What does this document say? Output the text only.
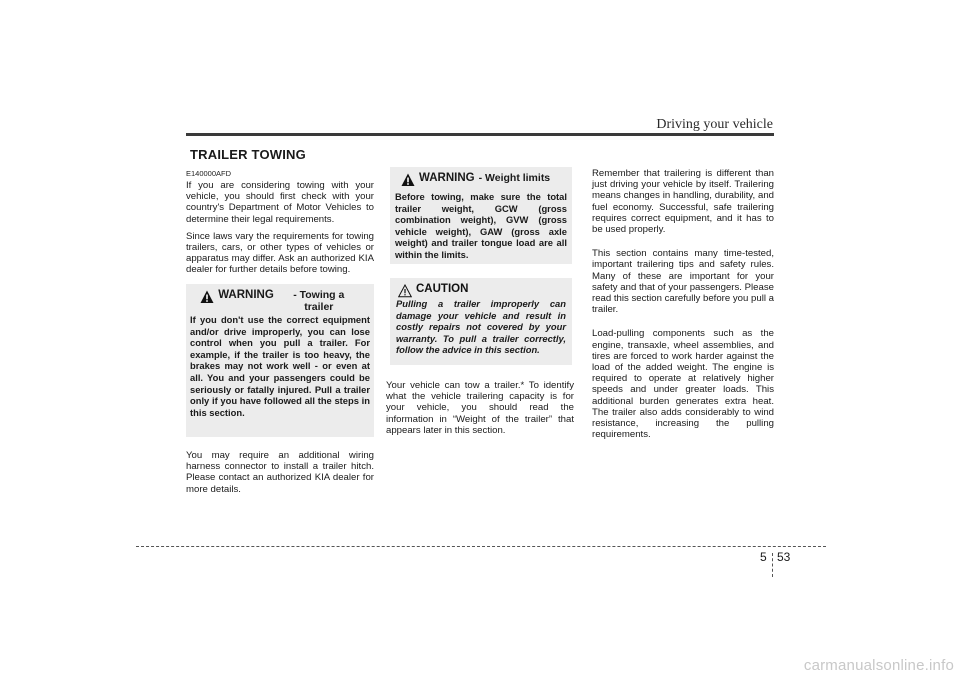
Driving your vehicle
TRAILER TOWING
E140000AFD

If you are considering towing with your vehicle, you should first check with your country's Department of Motor Vehicles to determine their legal requirements.

Since laws vary the requirements for towing trailers, cars, or other types of vehicles or apparatus may differ. Ask an authorized KIA dealer for further details before towing.

WARNING	- Towing a trailer
If you don't use the correct equipment and/or drive improperly, you can lose control when you pull a trailer. For example, if the trailer is too heavy, the brakes may not work well - or even at all. You and your passengers could be seriously or fatally injured. Pull a trailer only if you have followed all the steps in this section.

You may require an additional wiring harness connector to install a trailer hitch. Please contact an authorized KIA dealer for more details.

WARNING - Weight limits
Before towing, make sure the total trailer weight, GCW (gross combination weight), GVW (gross vehicle weight), GAW (gross axle weight) and trailer tongue load are all within the limits.
CAUTION
Pulling a trailer improperly can damage your vehicle and result in costly repairs not covered by your warranty. To pull a trailer correctly, follow the advice in this section.

Your vehicle can tow a trailer.* To identify what the vehicle trailering capacity is for your vehicle, you should read the information in “Weight of the trailer” that appears later in this section.

Remember that trailering is different than just driving your vehicle by itself. Trailering means changes in handling, durability, and fuel economy. Successful, safe trailering requires correct equipment, and it has to be used properly.

This section contains many time-tested, important trailering tips and safety rules. Many of these are important for your safety and that of your passengers. Please read this section carefully before you pull a trailer.

Load-pulling components such as the engine, transaxle, wheel assemblies, and tires are forced to work harder against the load of the added weight. The engine is required to operate at relatively higher speeds and under greater loads. This additional burden generates extra heat. The trailer also adds considerably to wind resistance, increasing the pulling requirements.

5 53
carmanualsonline.info
